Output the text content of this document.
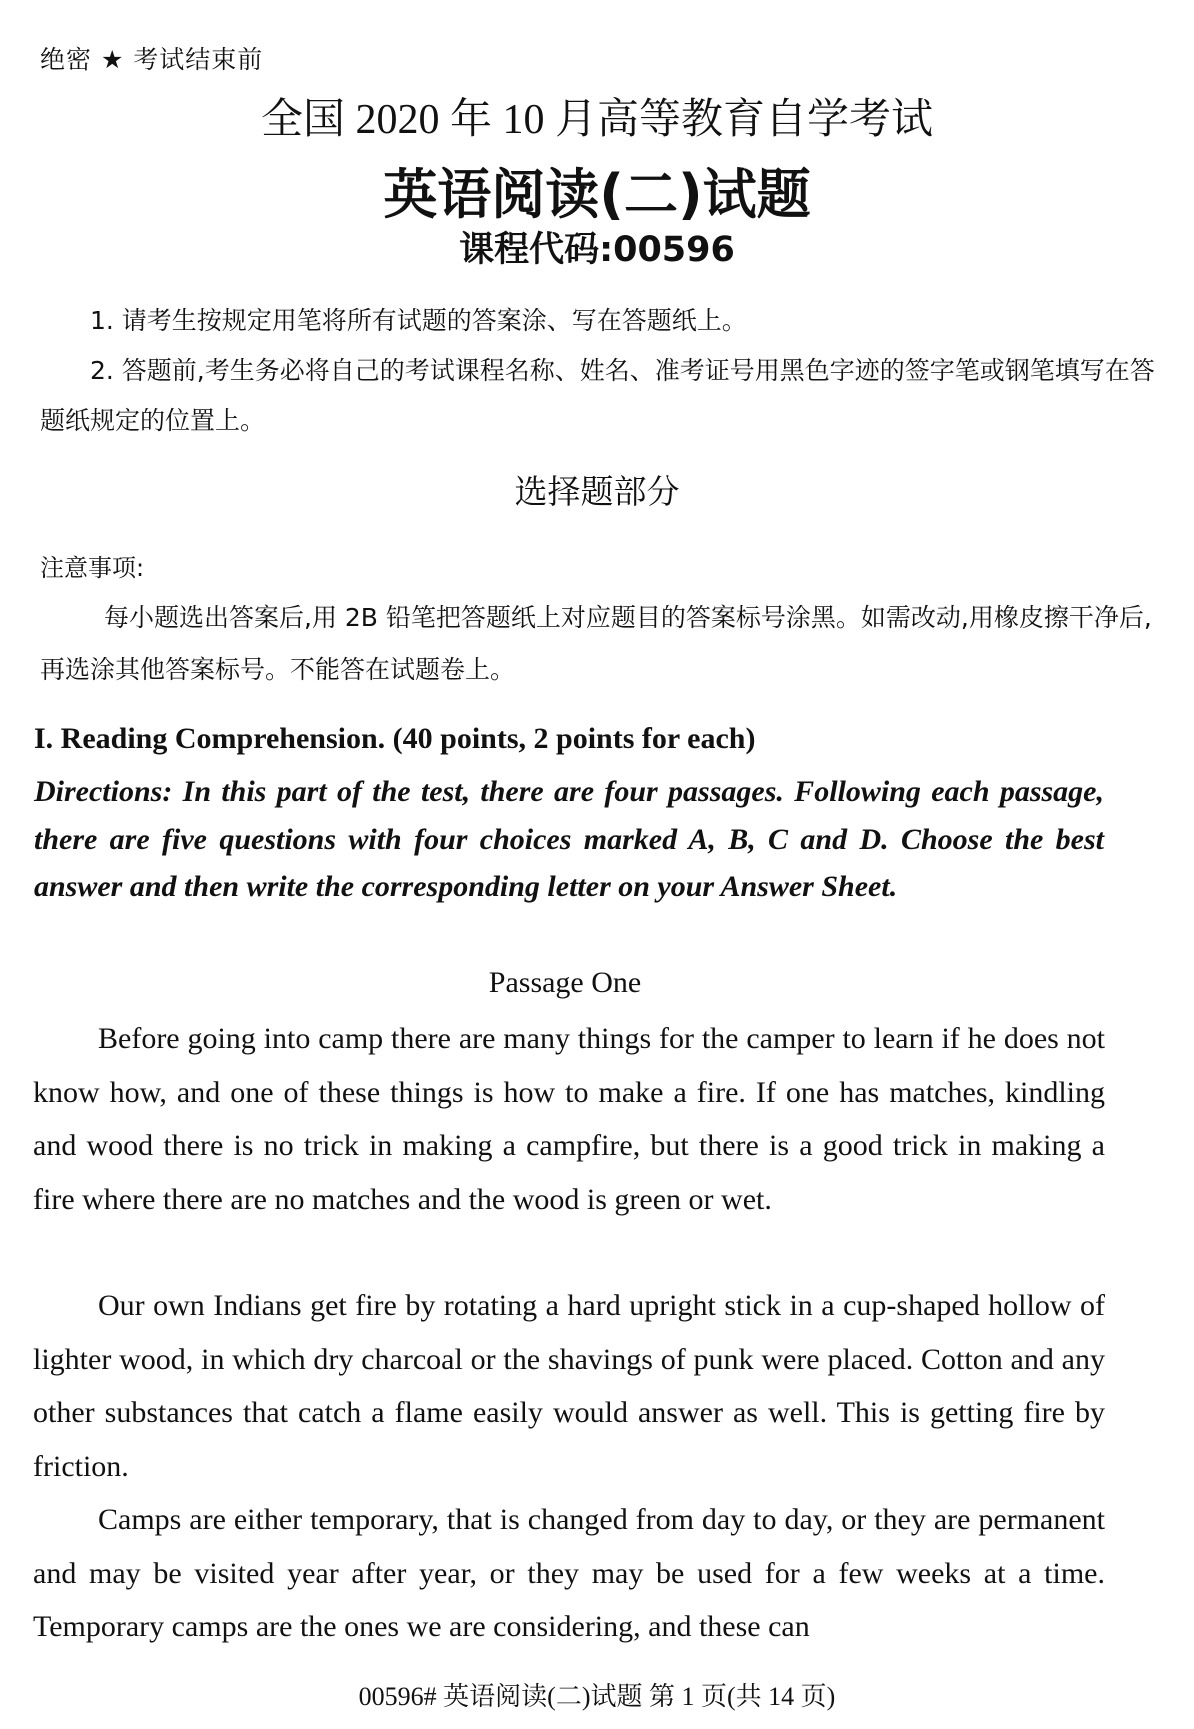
绝密 ★ 考试结束前
全国 2020 年 10 月高等教育自学考试
英语阅读(二)试题
课程代码:00596
1. 请考生按规定用笔将所有试题的答案涂、写在答题纸上。
2. 答题前,考生务必将自己的考试课程名称、姓名、准考证号用黑色字迹的签字笔或钢笔填写在答题纸规定的位置上。
选择题部分
注意事项:
每小题选出答案后,用 2B 铅笔把答题纸上对应题目的答案标号涂黑。如需改动,用橡皮擦干净后,再选涂其他答案标号。不能答在试题卷上。
I. Reading Comprehension. (40 points, 2 points for each)
Directions: In this part of the test, there are four passages. Following each passage, there are five questions with four choices marked A, B, C and D. Choose the best answer and then write the corresponding letter on your Answer Sheet.
Passage One
Before going into camp there are many things for the camper to learn if he does not know how, and one of these things is how to make a fire. If one has matches, kindling and wood there is no trick in making a campfire, but there is a good trick in making a fire where there are no matches and the wood is green or wet.
Our own Indians get fire by rotating a hard upright stick in a cup-shaped hollow of lighter wood, in which dry charcoal or the shavings of punk were placed. Cotton and any other substances that catch a flame easily would answer as well. This is getting fire by friction.
Camps are either temporary, that is changed from day to day, or they are permanent and may be visited year after year, or they may be used for a few weeks at a time. Temporary camps are the ones we are considering, and these can
00596# 英语阅读(二)试题 第 1 页(共 14 页)
